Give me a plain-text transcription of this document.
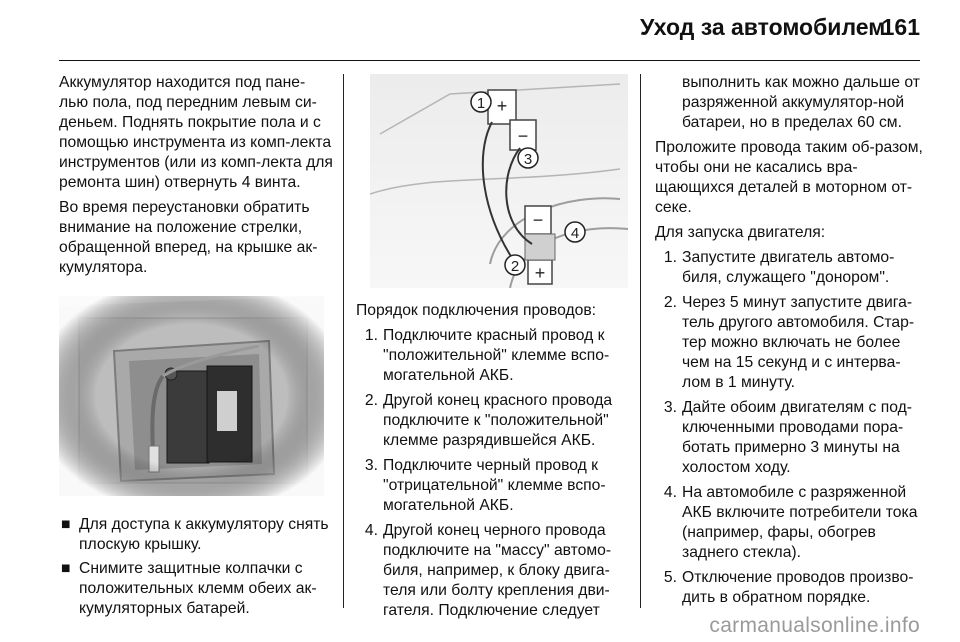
Уход за автомобилем
161

Аккумулятор находится под пане-лью пола, под передним левым си-деньем. Поднять покрытие пола и с помощью инструмента из комп-лекта инструментов (или из комп-лекта для ремонта шин) отвернуть 4 винта.

Во время переустановки обратить внимание на положение стрелки, обращенной вперед, на крышке ак-кумулятора.

■ Для доступа к аккумулятору снять плоскую крышку.
■ Снимите защитные колпачки с положительных клемм обеих ак-кумуляторных батарей.
+
−
−
+
1
3
4
2

Порядок подключения проводов:

1. Подключите красный провод к "положительной" клемме вспо-могательной АКБ.
2. Другой конец красного провода подключите к "положительной" клемме разрядившейся АКБ.
3. Подключите черный провод к "отрицательной" клемме вспо-могательной АКБ.
4. Другой конец черного провода подключите на "массу" автомо-биля, например, к блоку двига-теля или болту крепления дви-гателя. Подключение следует
выполнить как можно дальше от разряженной аккумулятор-ной батареи, но в пределах 60 см.

Проложите провода таким об-разом, чтобы они не касались вра-щающихся деталей в моторном от-секе.

Для запуска двигателя:

1. Запустите двигатель автомо-биля, служащего "донором".
2. Через 5 минут запустите двига-тель другого автомобиля. Стар-тер можно включать не более чем на 15 секунд и с интерва-лом в 1 минуту.
3. Дайте обоим двигателям с под-ключенными проводами пора-ботать примерно 3 минуты на холостом ходу.
4. На автомобиле с разряженной АКБ включите потребители тока (например, фары, обогрев заднего стекла).
5. Отключение проводов произво-дить в обратном порядке.
carmanualsonline.info
